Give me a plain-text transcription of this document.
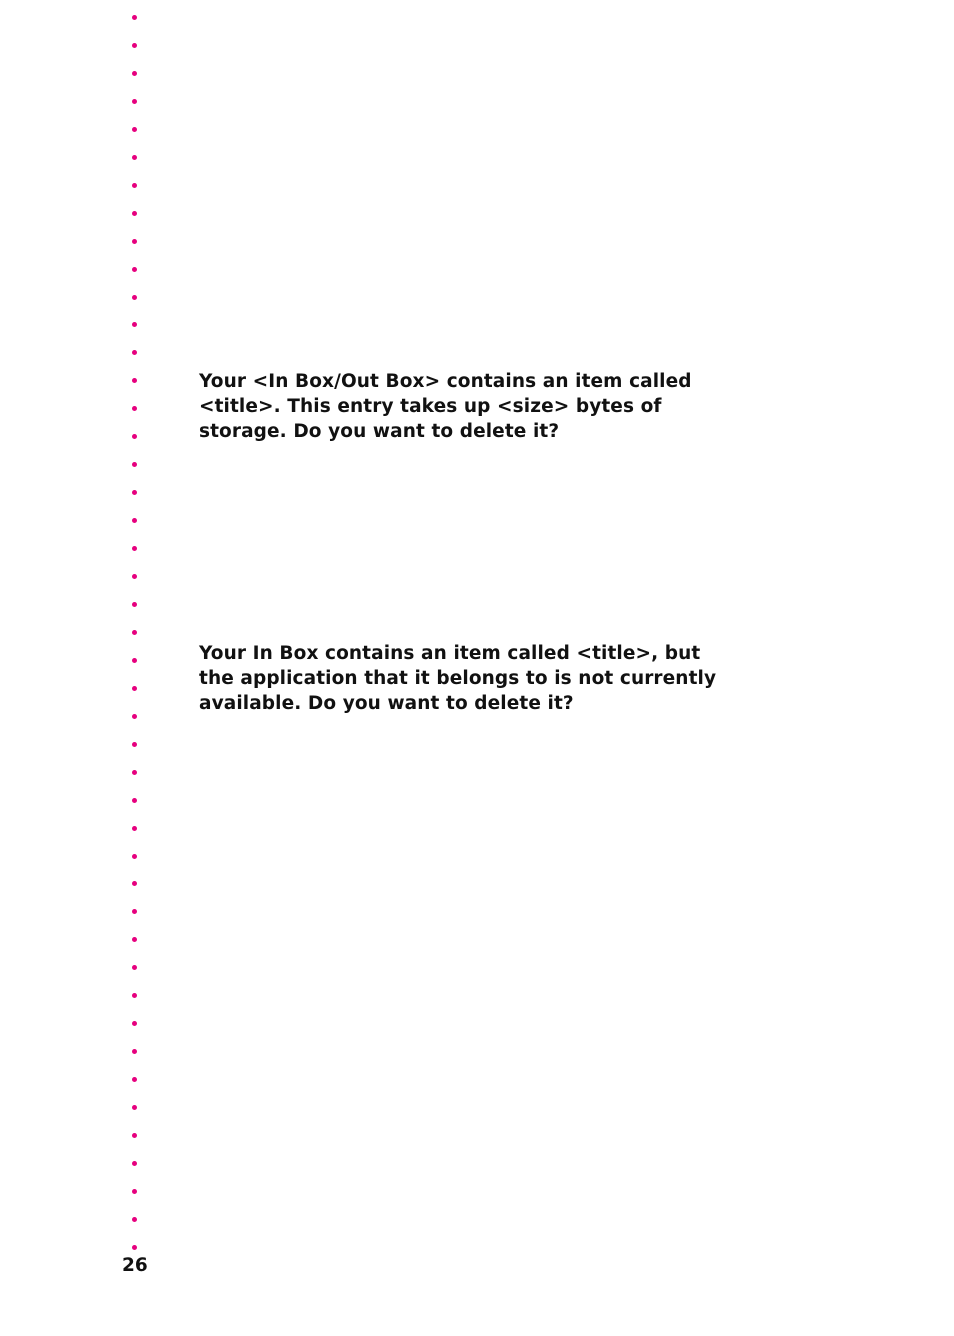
Your <In Box/Out Box> contains an item called
<title>. This entry takes up <size> bytes of
storage. Do you want to delete it?
Your In Box contains an item called <title>, but
the application that it belongs to is not currently
available. Do you want to delete it?
26
